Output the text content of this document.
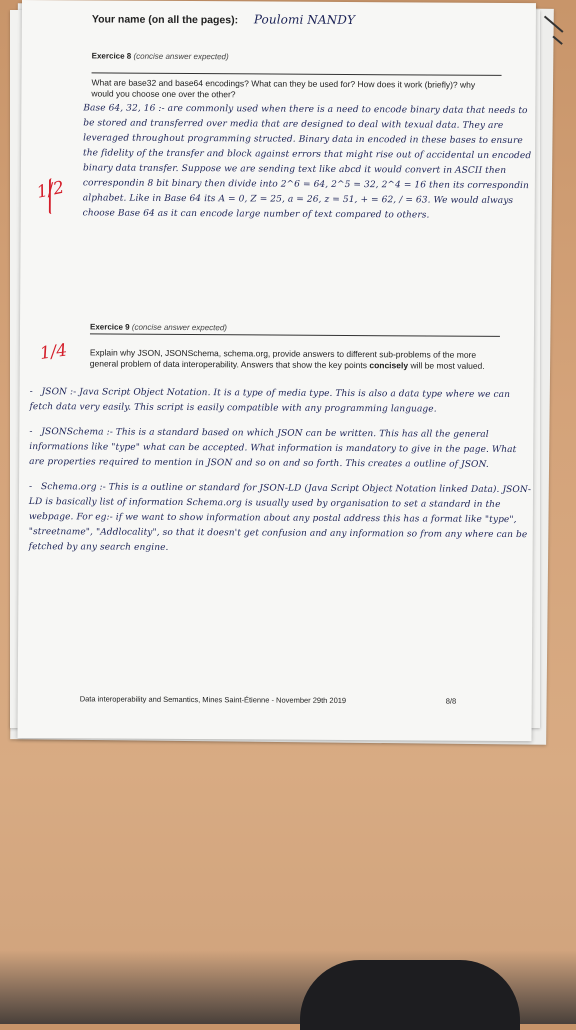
Your name (on all the pages): Poulomi NANDY
Exercice 8 (concise answer expected)
What are base32 and base64 encodings? What can they be used for? How does it work (briefly)? why would you choose one over the other?
1/2
Base 64, 32, 16 :- are commonly used when there is a need to encode binary data that needs to be stored and transferred over media that are designed to deal with texual data. They are leveraged throughout programming structed. Binary data in encoded in these bases to ensure the fidelity of the transfer and block against errors that might rise out of accidental un encoded binary data transfer. Suppose we are sending text like abcd it would convert in ASCII then correspondin 8 bit binary then divide into 2^6 = 64, 2^5 = 32, 2^4 = 16 then its correspondin alphabet. Like in Base 64 its A = 0, Z = 25, a = 26, z = 51, + = 62, / = 63. We would always choose Base 64 as it can encode large number of text compared to others.
Exercice 9 (concise answer expected)
1/4	Explain why JSON, JSONSchema, schema.org, provide answers to different sub-problems of the more general problem of data interoperability. Answers that show the key points concisely will be most valued.
- JSON :- Java Script Object Notation. It is a type of media type. This is also a data type where we can fetch data very easily. This script is easily compatible with any programming language.
- JSONSchema :- This is a standard based on which JSON can be written. This has all the general informations like "type" what can be accepted. What information is mandatory to give in the page. What are properties required to mention in JSON and so on and so forth. This creates a outline of JSON.
- Schema.org :- This is a outline or standard for JSON-LD (Java Script Object Notation linked Data). JSON-LD is basically list of information Schema.org is usually used by organisation to set a standard in the webpage. For eg:- if we want to show information about any postal address this has a format like "type", "streetname", "Addlocality", so that it doesn't get confusion and any information so from any where can be fetched by any search engine.
Data interoperability and Semantics, Mines Saint-Étienne - November 29th 2019	8/8
